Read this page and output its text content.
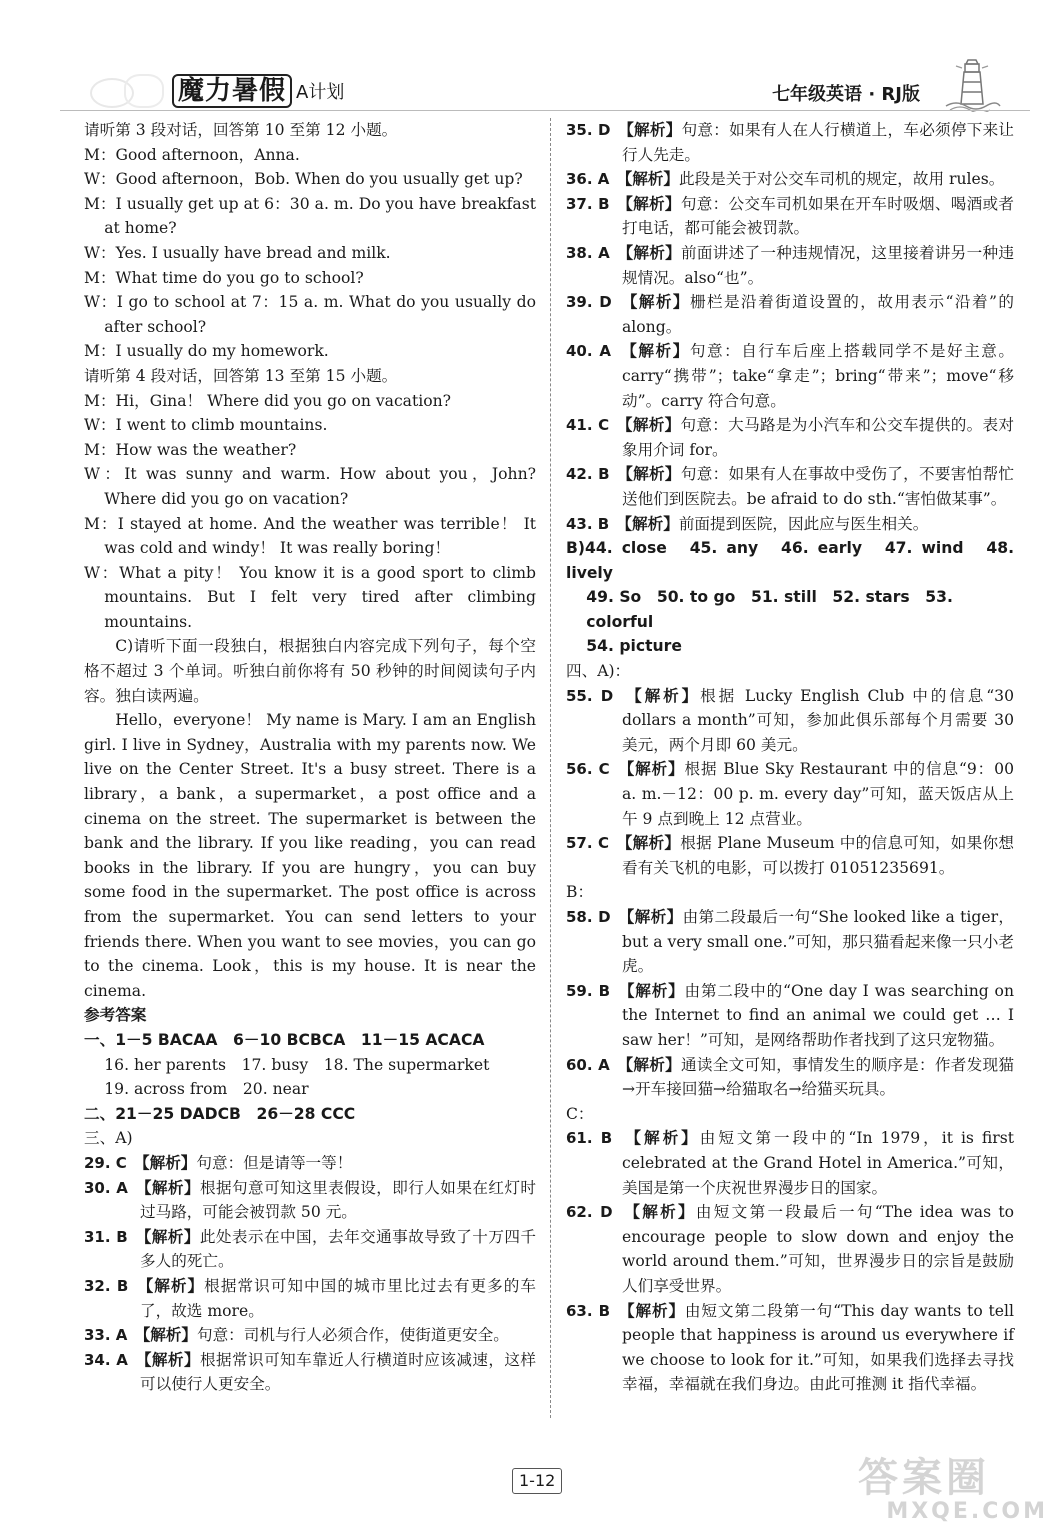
魔力暑假 A计划	七年级英语 · RJ版

请听第 3 段对话，回答第 10 至第 12 小题。

M：Good afternoon，Anna.

W：Good afternoon，Bob. When do you usually get up?

M：I usually get up at 6：30 a. m. Do you have breakfast at home?

W：Yes. I usually have bread and milk.

M：What time do you go to school?

W：I go to school at 7：15 a. m. What do you usually do after school?

M：I usually do my homework.

请听第 4 段对话，回答第 13 至第 15 小题。

M：Hi，Gina！ Where did you go on vacation?

W：I went to climb mountains.

M：How was the weather?

W：It was sunny and warm. How about you，John? Where did you go on vacation?

M：I stayed at home. And the weather was terrible！ It was cold and windy！ It was really boring！

W：What a pity！ You know it is a good sport to climb mountains. But I felt very tired after climbing mountains.

C)请听下面一段独白，根据独白内容完成下列句子，每个空格不超过 3 个单词。听独白前你将有 50 秒钟的时间阅读句子内容。独白读两遍。

Hello，everyone！ My name is Mary. I am an English girl. I live in Sydney，Australia with my parents now. We live on the Center Street. It's a busy street. There is a library，a bank，a supermarket，a post office and a cinema on the street. The supermarket is between the bank and the library. If you like reading，you can read books in the library. If you are hungry，you can buy some food in the supermarket. The post office is across from the supermarket. You can send letters to your friends there. When you want to see movies，you can go to the cinema. Look，this is my house. It is near the cinema.

参考答案

一、1－5 BACAA　6－10 BCBCA　11－15 ACACA

16. her parents　17. busy　18. The supermarket

19. across from　20. near

二、21－25 DADCB　26－28 CCC

三、A)

29. C　【解析】句意：但是请等一等！

30. A　【解析】根据句意可知这里表假设，即行人如果在红灯时过马路，可能会被罚款 50 元。

31. B　【解析】此处表示在中国，去年交通事故导致了十万四千多人的死亡。

32. B　【解析】根据常识可知中国的城市里比过去有更多的车了，故选 more。

33. A　【解析】句意：司机与行人必须合作，使街道更安全。

34. A　【解析】根据常识可知车靠近人行横道时应该减速，这样可以使行人更安全。

35. D　【解析】句意：如果有人在人行横道上，车必须停下来让行人先走。

36. A　【解析】此段是关于对公交车司机的规定，故用 rules。

37. B　【解析】句意：公交车司机如果在开车时吸烟、喝酒或者打电话，都可能会被罚款。

38. A　【解析】前面讲述了一种违规情况，这里接着讲另一种违规情况。also“也”。

39. D　【解析】栅栏是沿着街道设置的，故用表示“沿着”的 along。

40. A　【解析】句意：自行车后座上搭载同学不是好主意。carry“携带”；take“拿走”；bring“带来”；move“移动”。carry 符合句意。

41. C　【解析】句意：大马路是为小汽车和公交车提供的。表对象用介词 for。

42. B　【解析】句意：如果有人在事故中受伤了，不要害怕帮忙送他们到医院去。be afraid to do sth.“害怕做某事”。

43. B　【解析】前面提到医院，因此应与医生相关。

B)44. close　45. any　46. early　47. wind　48. lively

49. So　50. to go　51. still　52. stars　53. colorful

54. picture

四、A)：

55. D　【解析】根据 Lucky English Club 中的信息“30 dollars a month”可知，参加此俱乐部每个月需要 30 美元，两个月即 60 美元。

56. C　【解析】根据 Blue Sky Restaurant 中的信息“9：00 a. m.－12：00 p. m. every day”可知，蓝天饭店从上午 9 点到晚上 12 点营业。

57. C　【解析】根据 Plane Museum 中的信息可知，如果你想看有关飞机的电影，可以拨打 01051235691。

B：

58. D　【解析】由第二段最后一句“She looked like a tiger，but a very small one.”可知，那只猫看起来像一只小老虎。

59. B　【解析】由第二段中的“One day I was searching on the Internet to find an animal we could get … I saw her！”可知，是网络帮助作者找到了这只宠物猫。

60. A　【解析】通读全文可知，事情发生的顺序是：作者发现猫→开车接回猫→给猫取名→给猫买玩具。

C：

61. B　【解析】由短文第一段中的“In 1979，it is first celebrated at the Grand Hotel in America.”可知，美国是第一个庆祝世界漫步日的国家。

62. D　【解析】由短文第一段最后一句“The idea was to encourage people to slow down and enjoy the world around them.”可知，世界漫步日的宗旨是鼓励人们享受世界。

63. B　【解析】由短文第二段第一句“This day wants to tell people that happiness is around us everywhere if we choose to look for it.”可知，如果我们选择去寻找幸福，幸福就在我们身边。由此可推测 it 指代幸福。

1-12	答案圈
MXQE.COM
